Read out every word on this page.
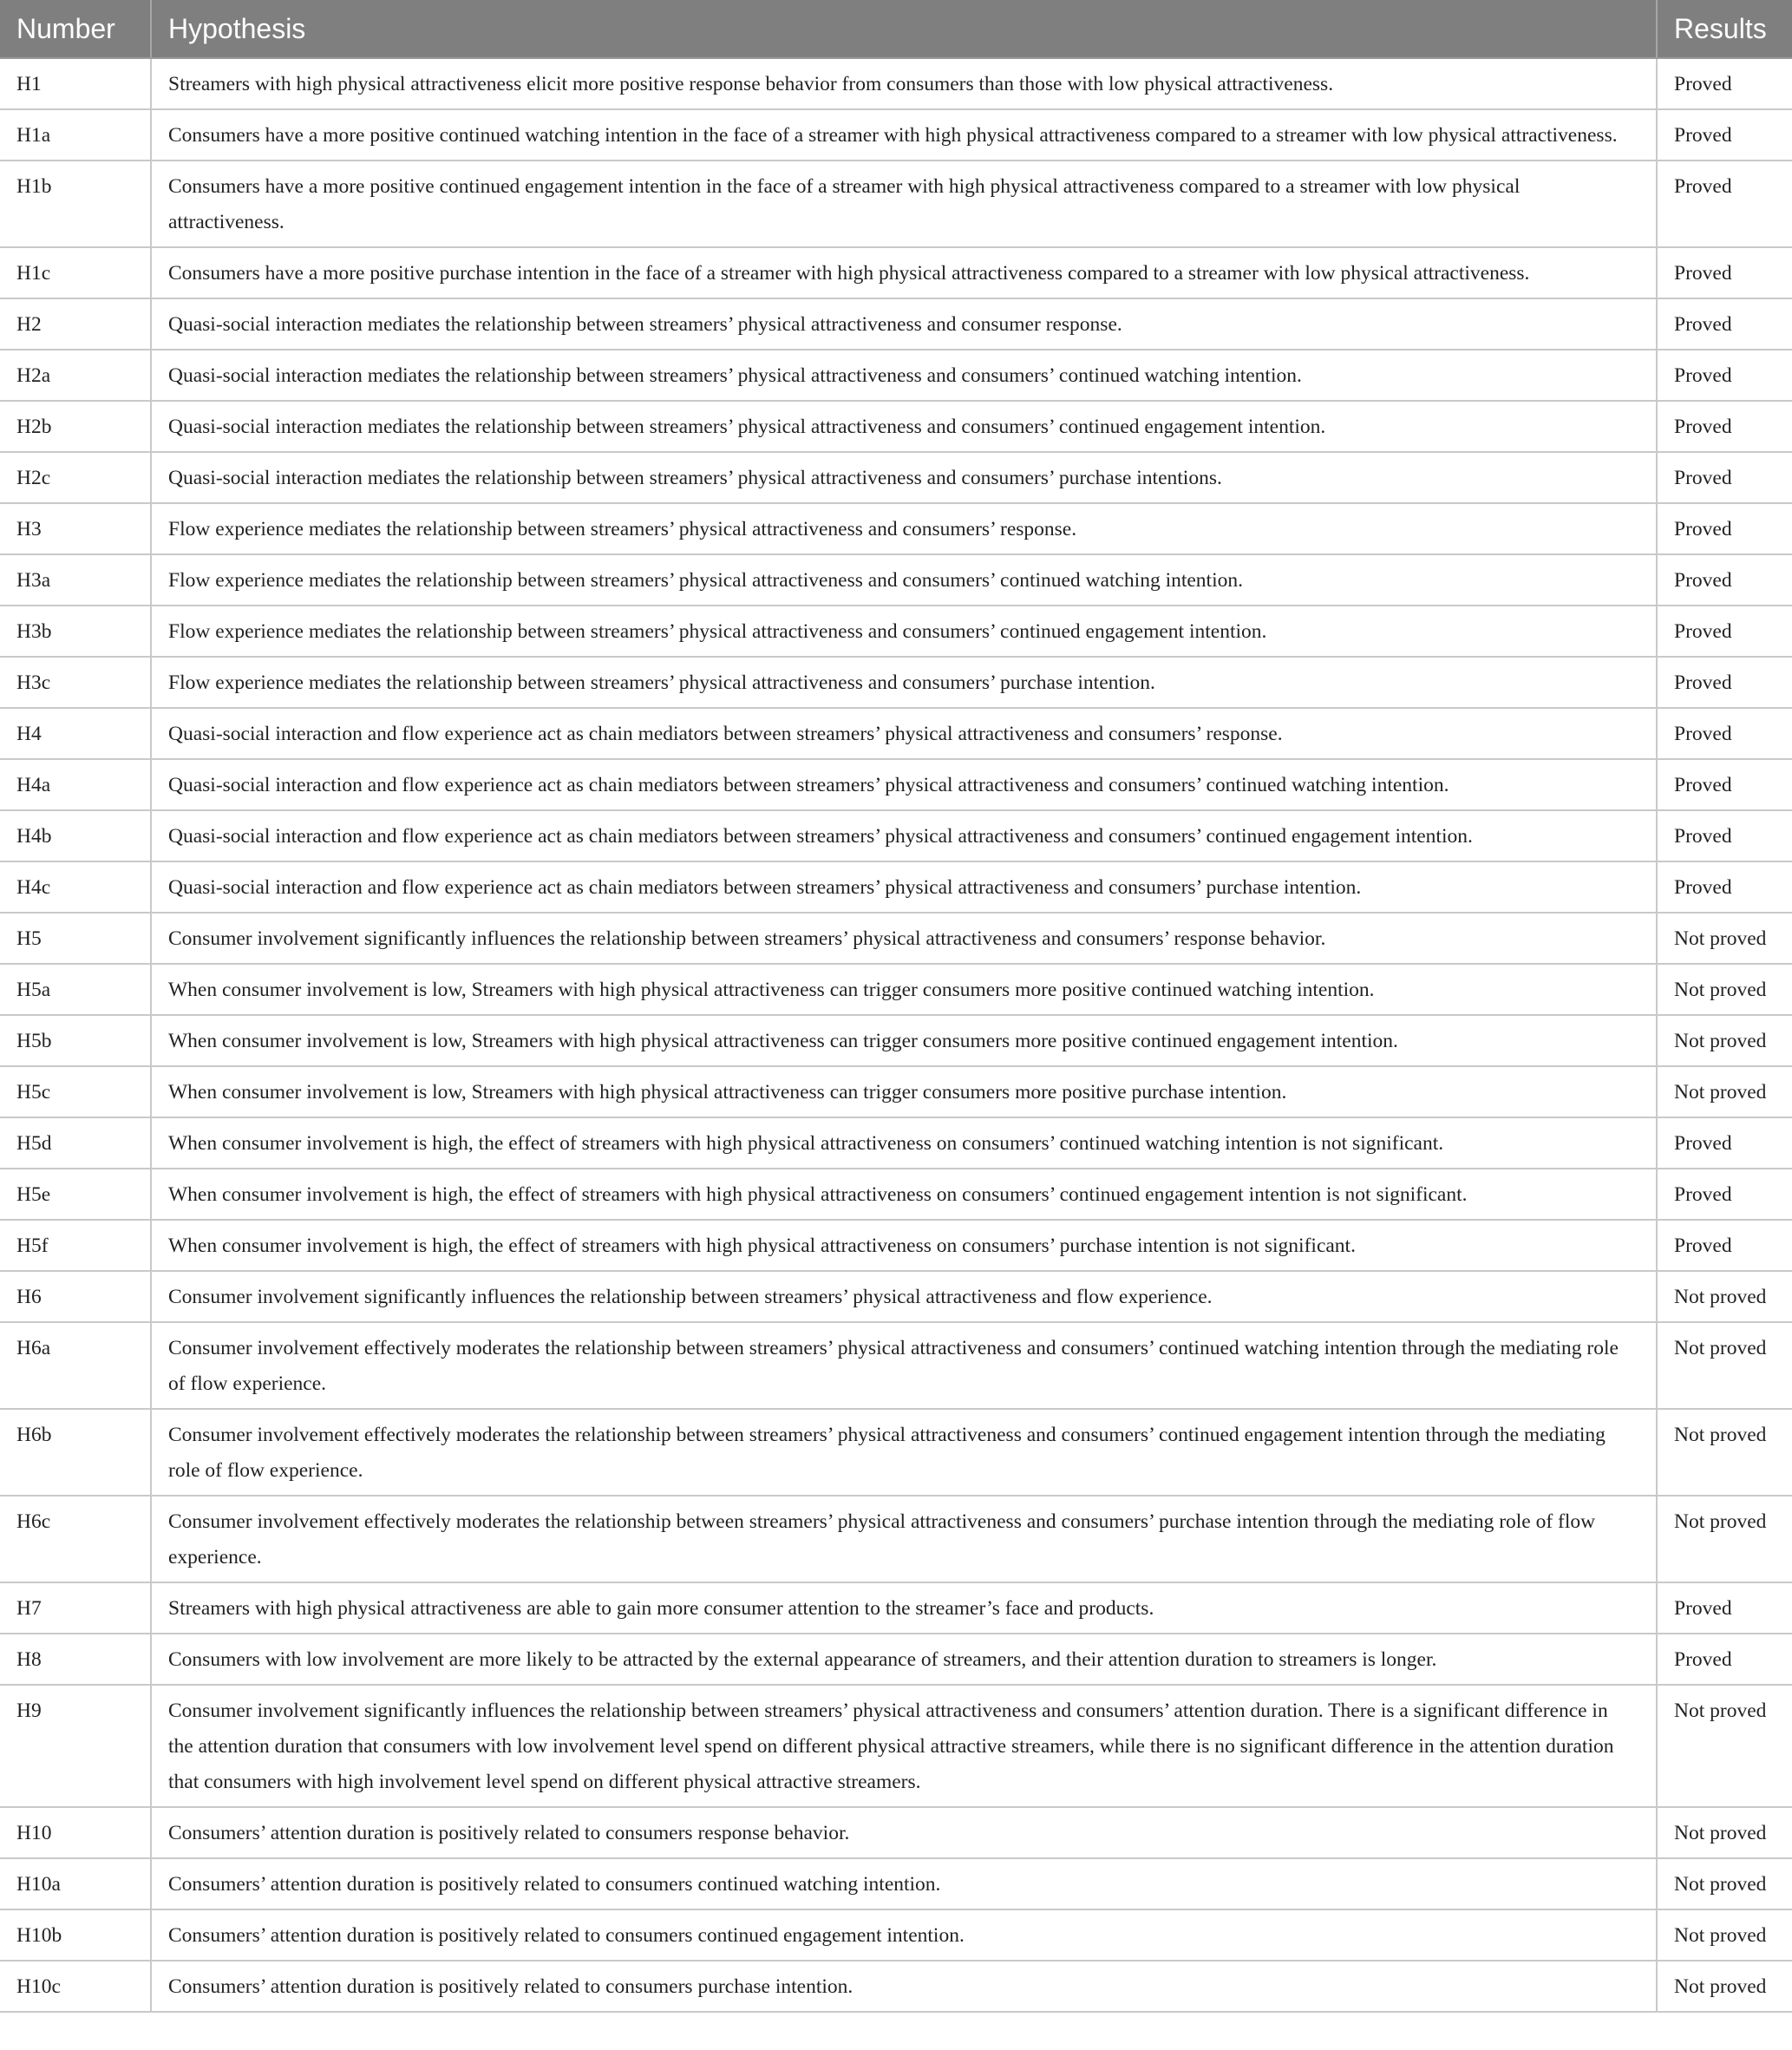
Number	Hypothesis	Results
H1	Streamers with high physical attractiveness elicit more positive response behavior from consumers than those with low physical attractiveness.	Proved
H1a	Consumers have a more positive continued watching intention in the face of a streamer with high physical attractiveness compared to a streamer with low physical attractiveness.	Proved
H1b	Consumers have a more positive continued engagement intention in the face of a streamer with high physical attractiveness compared to a streamer with low physical attractiveness.	Proved
H1c	Consumers have a more positive purchase intention in the face of a streamer with high physical attractiveness compared to a streamer with low physical attractiveness.	Proved
H2	Quasi-social interaction mediates the relationship between streamers’ physical attractiveness and consumer response.	Proved
H2a	Quasi-social interaction mediates the relationship between streamers’ physical attractiveness and consumers’ continued watching intention.	Proved
H2b	Quasi-social interaction mediates the relationship between streamers’ physical attractiveness and consumers’ continued engagement intention.	Proved
H2c	Quasi-social interaction mediates the relationship between streamers’ physical attractiveness and consumers’ purchase intentions.	Proved
H3	Flow experience mediates the relationship between streamers’ physical attractiveness and consumers’ response.	Proved
H3a	Flow experience mediates the relationship between streamers’ physical attractiveness and consumers’ continued watching intention.	Proved
H3b	Flow experience mediates the relationship between streamers’ physical attractiveness and consumers’ continued engagement intention.	Proved
H3c	Flow experience mediates the relationship between streamers’ physical attractiveness and consumers’ purchase intention.	Proved
H4	Quasi-social interaction and flow experience act as chain mediators between streamers’ physical attractiveness and consumers’ response.	Proved
H4a	Quasi-social interaction and flow experience act as chain mediators between streamers’ physical attractiveness and consumers’ continued watching intention.	Proved
H4b	Quasi-social interaction and flow experience act as chain mediators between streamers’ physical attractiveness and consumers’ continued engagement intention.	Proved
H4c	Quasi-social interaction and flow experience act as chain mediators between streamers’ physical attractiveness and consumers’ purchase intention.	Proved
H5	Consumer involvement significantly influences the relationship between streamers’ physical attractiveness and consumers’ response behavior.	Not proved
H5a	When consumer involvement is low, Streamers with high physical attractiveness can trigger consumers more positive continued watching intention.	Not proved
H5b	When consumer involvement is low, Streamers with high physical attractiveness can trigger consumers more positive continued engagement intention.	Not proved
H5c	When consumer involvement is low, Streamers with high physical attractiveness can trigger consumers more positive purchase intention.	Not proved
H5d	When consumer involvement is high, the effect of streamers with high physical attractiveness on consumers’ continued watching intention is not significant.	Proved
H5e	When consumer involvement is high, the effect of streamers with high physical attractiveness on consumers’ continued engagement intention is not significant.	Proved
H5f	When consumer involvement is high, the effect of streamers with high physical attractiveness on consumers’ purchase intention is not significant.	Proved
H6	Consumer involvement significantly influences the relationship between streamers’ physical attractiveness and flow experience.	Not proved
H6a	Consumer involvement effectively moderates the relationship between streamers’ physical attractiveness and consumers’ continued watching intention through the mediating role of flow experience.	Not proved
H6b	Consumer involvement effectively moderates the relationship between streamers’ physical attractiveness and consumers’ continued engagement intention through the mediating role of flow experience.	Not proved
H6c	Consumer involvement effectively moderates the relationship between streamers’ physical attractiveness and consumers’ purchase intention through the mediating role of flow experience.	Not proved
H7	Streamers with high physical attractiveness are able to gain more consumer attention to the streamer’s face and products.	Proved
H8	Consumers with low involvement are more likely to be attracted by the external appearance of streamers, and their attention duration to streamers is longer.	Proved
H9	Consumer involvement significantly influences the relationship between streamers’ physical attractiveness and consumers’ attention duration. There is a significant difference in the attention duration that consumers with low involvement level spend on different physical attractive streamers, while there is no significant difference in the attention duration that consumers with high involvement level spend on different physical attractive streamers.	Not proved
H10	Consumers’ attention duration is positively related to consumers response behavior.	Not proved
H10a	Consumers’ attention duration is positively related to consumers continued watching intention.	Not proved
H10b	Consumers’ attention duration is positively related to consumers continued engagement intention.	Not proved
H10c	Consumers’ attention duration is positively related to consumers purchase intention.	Not proved
